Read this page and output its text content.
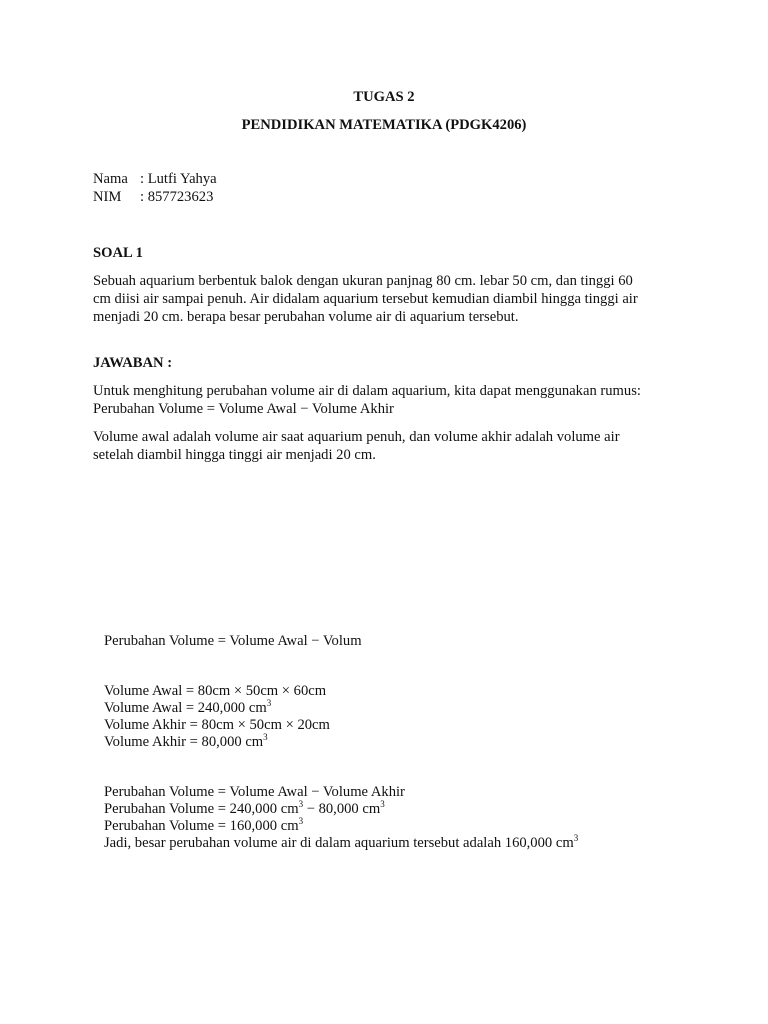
TUGAS 2

PENDIDIKAN MATEMATIKA (PDGK4206)

Nama : Lutfi Yahya

NIM : 857723623

SOAL 1

Sebuah aquarium berbentuk balok dengan ukuran panjnag 80 cm. lebar 50 cm, dan tinggi 60

cm diisi air sampai penuh. Air didalam aquarium tersebut kemudian diambil hingga tinggi air

menjadi 20 cm. berapa besar perubahan volume air di aquarium tersebut.

JAWABAN :

Untuk menghitung perubahan volume air di dalam aquarium, kita dapat menggunakan rumus:

Perubahan Volume = Volume Awal − Volume Akhir

Volume awal adalah volume air saat aquarium penuh, dan volume akhir adalah volume air

setelah diambil hingga tinggi air menjadi 20 cm.

Perubahan Volume = Volume Awal − Volum

Volume Awal = 80cm × 50cm × 60cm

Volume Awal = 240,000 $cm^3$

Volume Akhir = 80cm × 50cm × 20cm

Volume Akhir = 80,000 $cm^3$

Perubahan Volume = Volume Awal − Volume Akhir

Perubahan Volume = 240,000 $cm^3 - 80,000$ $cm^3$

Perubahan Volume = 160,000 $cm^3$

Jadi, besar perubahan volume air di dalam aquarium tersebut adalah 160,000 $cm^3$
